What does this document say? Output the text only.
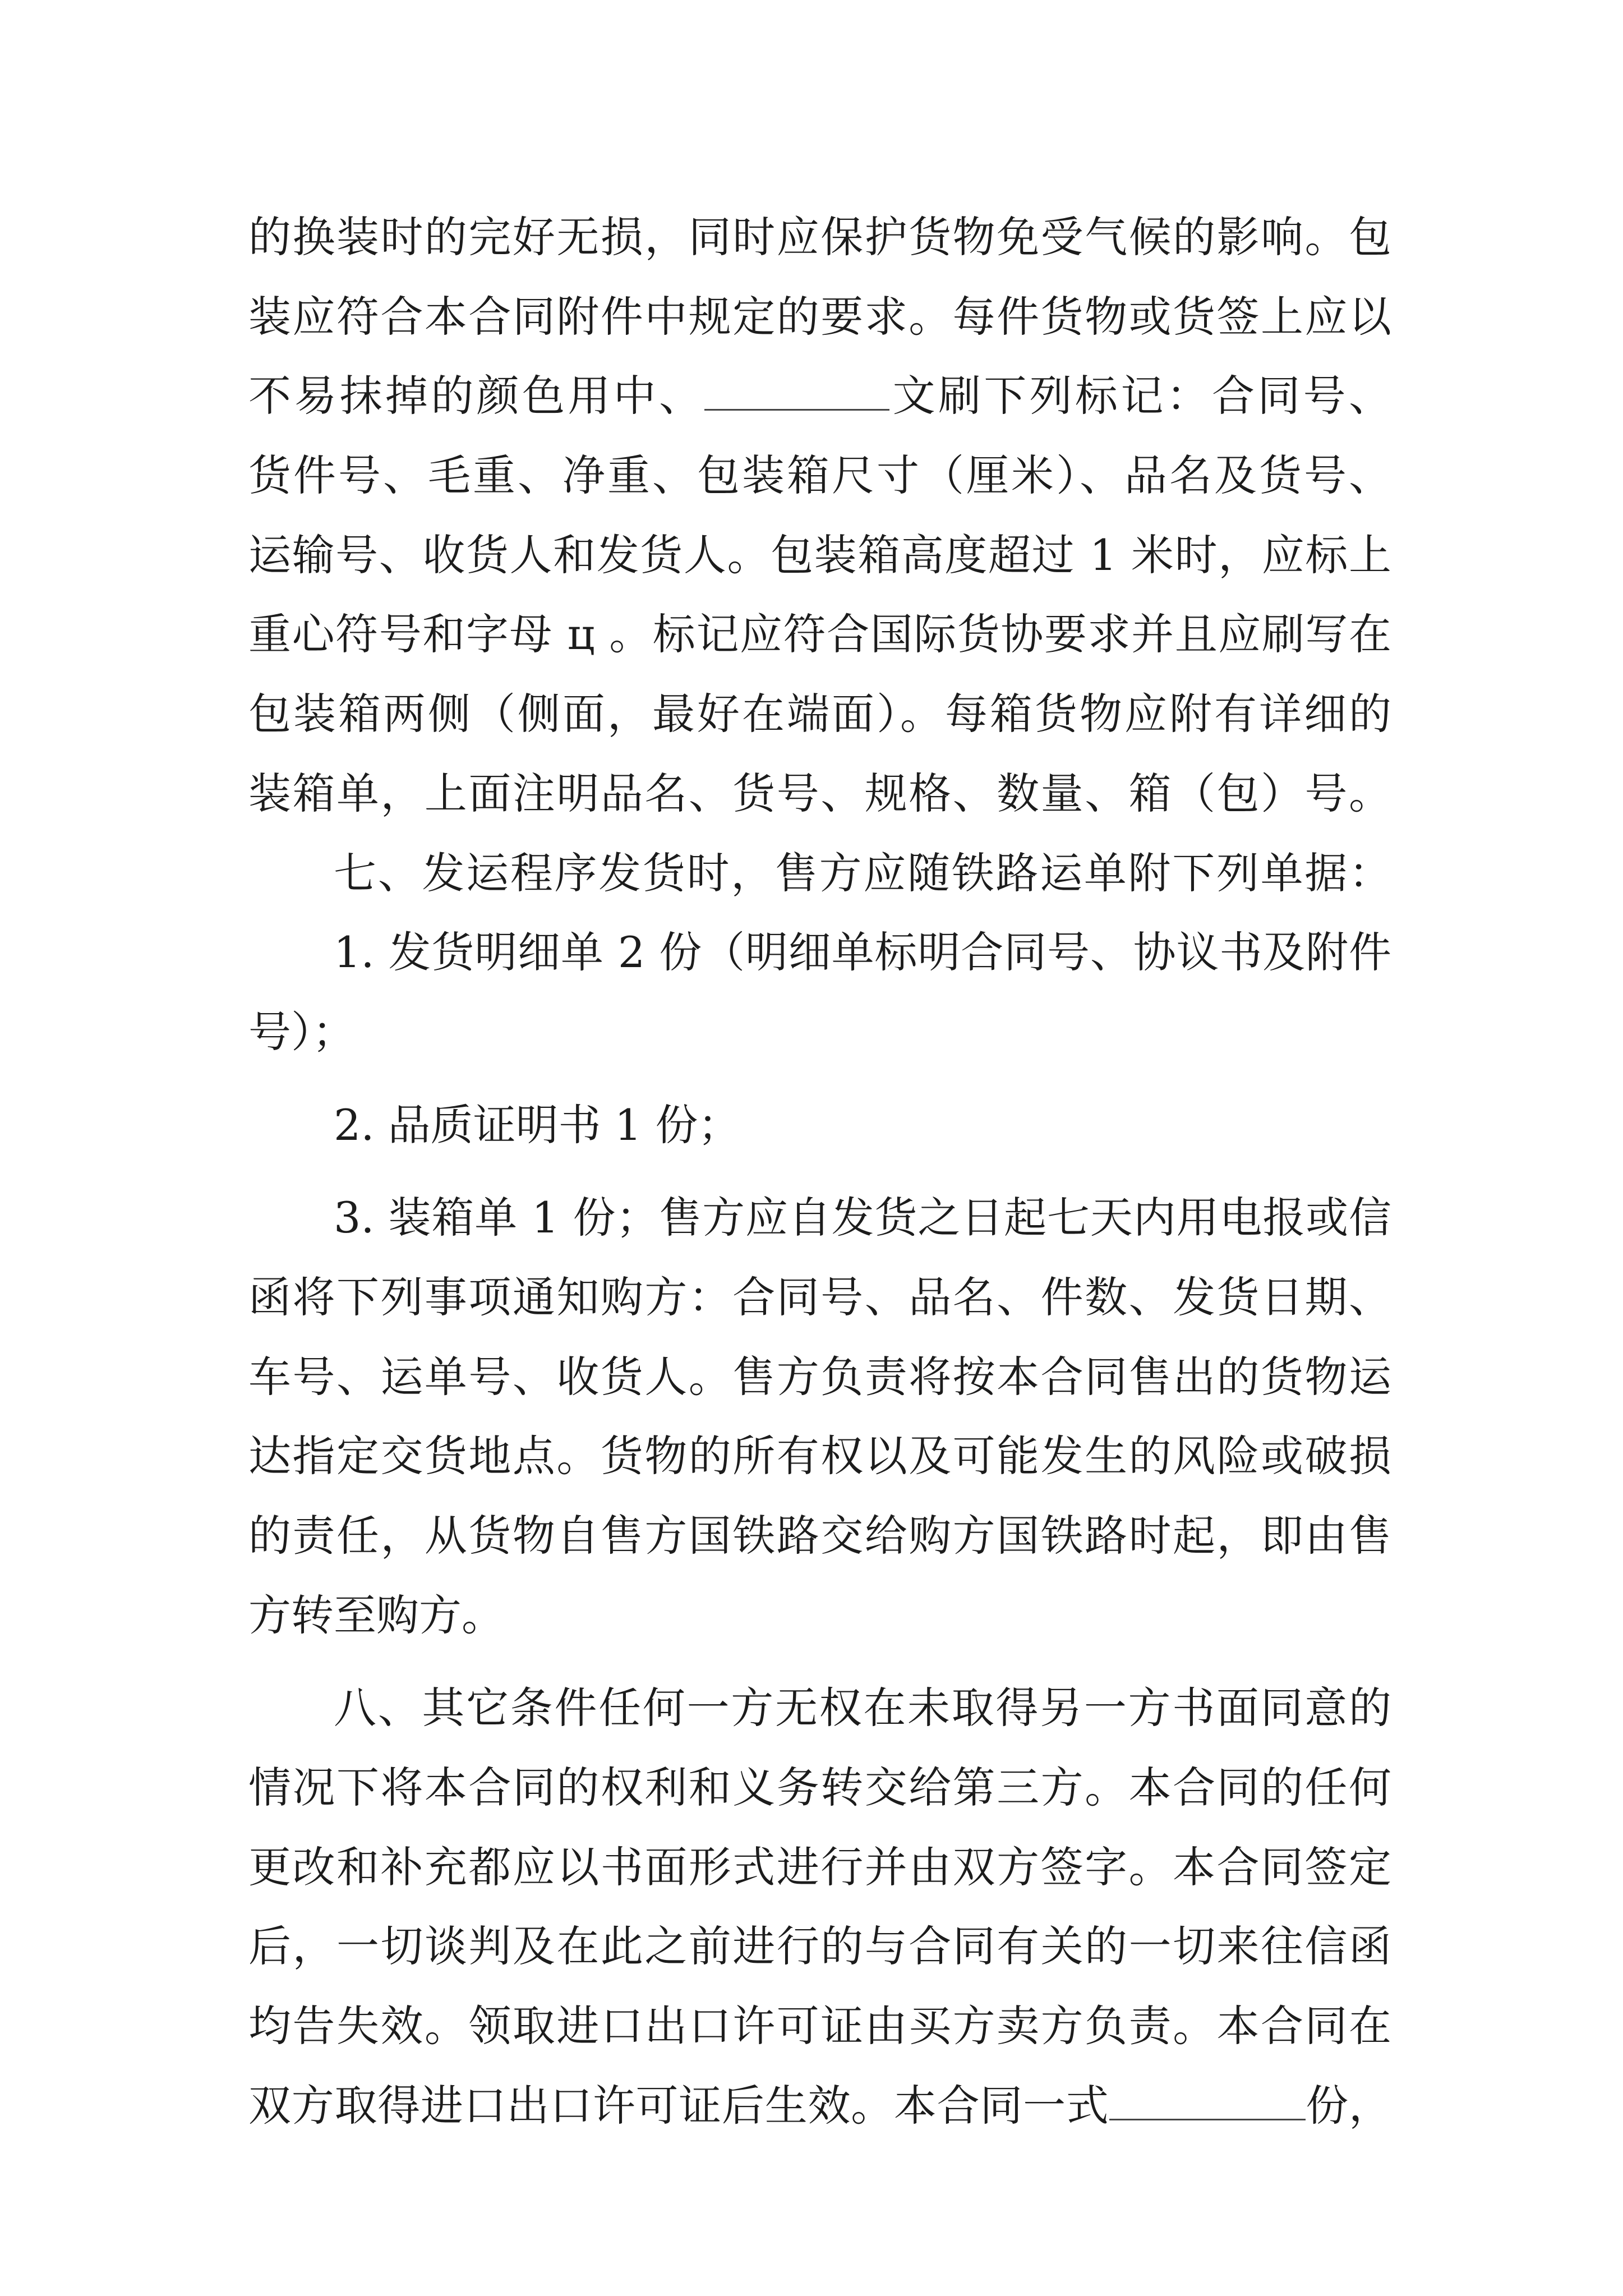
的换装时的完好无损，同时应保护货物免受气候的影响。包
装应符合本合同附件中规定的要求。每件货物或货签上应以
不易抹掉的颜色用中、	文刷下列标记：合同号、
货件号、毛重、净重、包装箱尺寸（厘米）、品名及货号、
运输号、收货人和发货人。包装箱高度超过 1 米时，应标上
重心符号和字母 ц 。标记应符合国际货协要求并且应刷写在
包装箱两侧（侧面，最好在端面）。每箱货物应附有详细的
装箱单，上面注明品名、货号、规格、数量、箱（包）号。
七、发运程序发货时，售方应随铁路运单附下列单据：
1. 发货明细单 2 份（明细单标明合同号、协议书及附件
号）；
2. 品质证明书 1 份；
3. 装箱单 1 份；售方应自发货之日起七天内用电报或信
函将下列事项通知购方：合同号、品名、件数、发货日期、
车号、运单号、收货人。售方负责将按本合同售出的货物运
达指定交货地点。货物的所有权以及可能发生的风险或破损
的责任，从货物自售方国铁路交给购方国铁路时起，即由售
方转至购方。
八、其它条件任何一方无权在未取得另一方书面同意的
情况下将本合同的权利和义务转交给第三方。本合同的任何
更改和补充都应以书面形式进行并由双方签字。本合同签定
后，一切谈判及在此之前进行的与合同有关的一切来往信函
均告失效。领取进口出口许可证由买方卖方负责。本合同在
双方取得进口出口许可证后生效。本合同一式	份，
